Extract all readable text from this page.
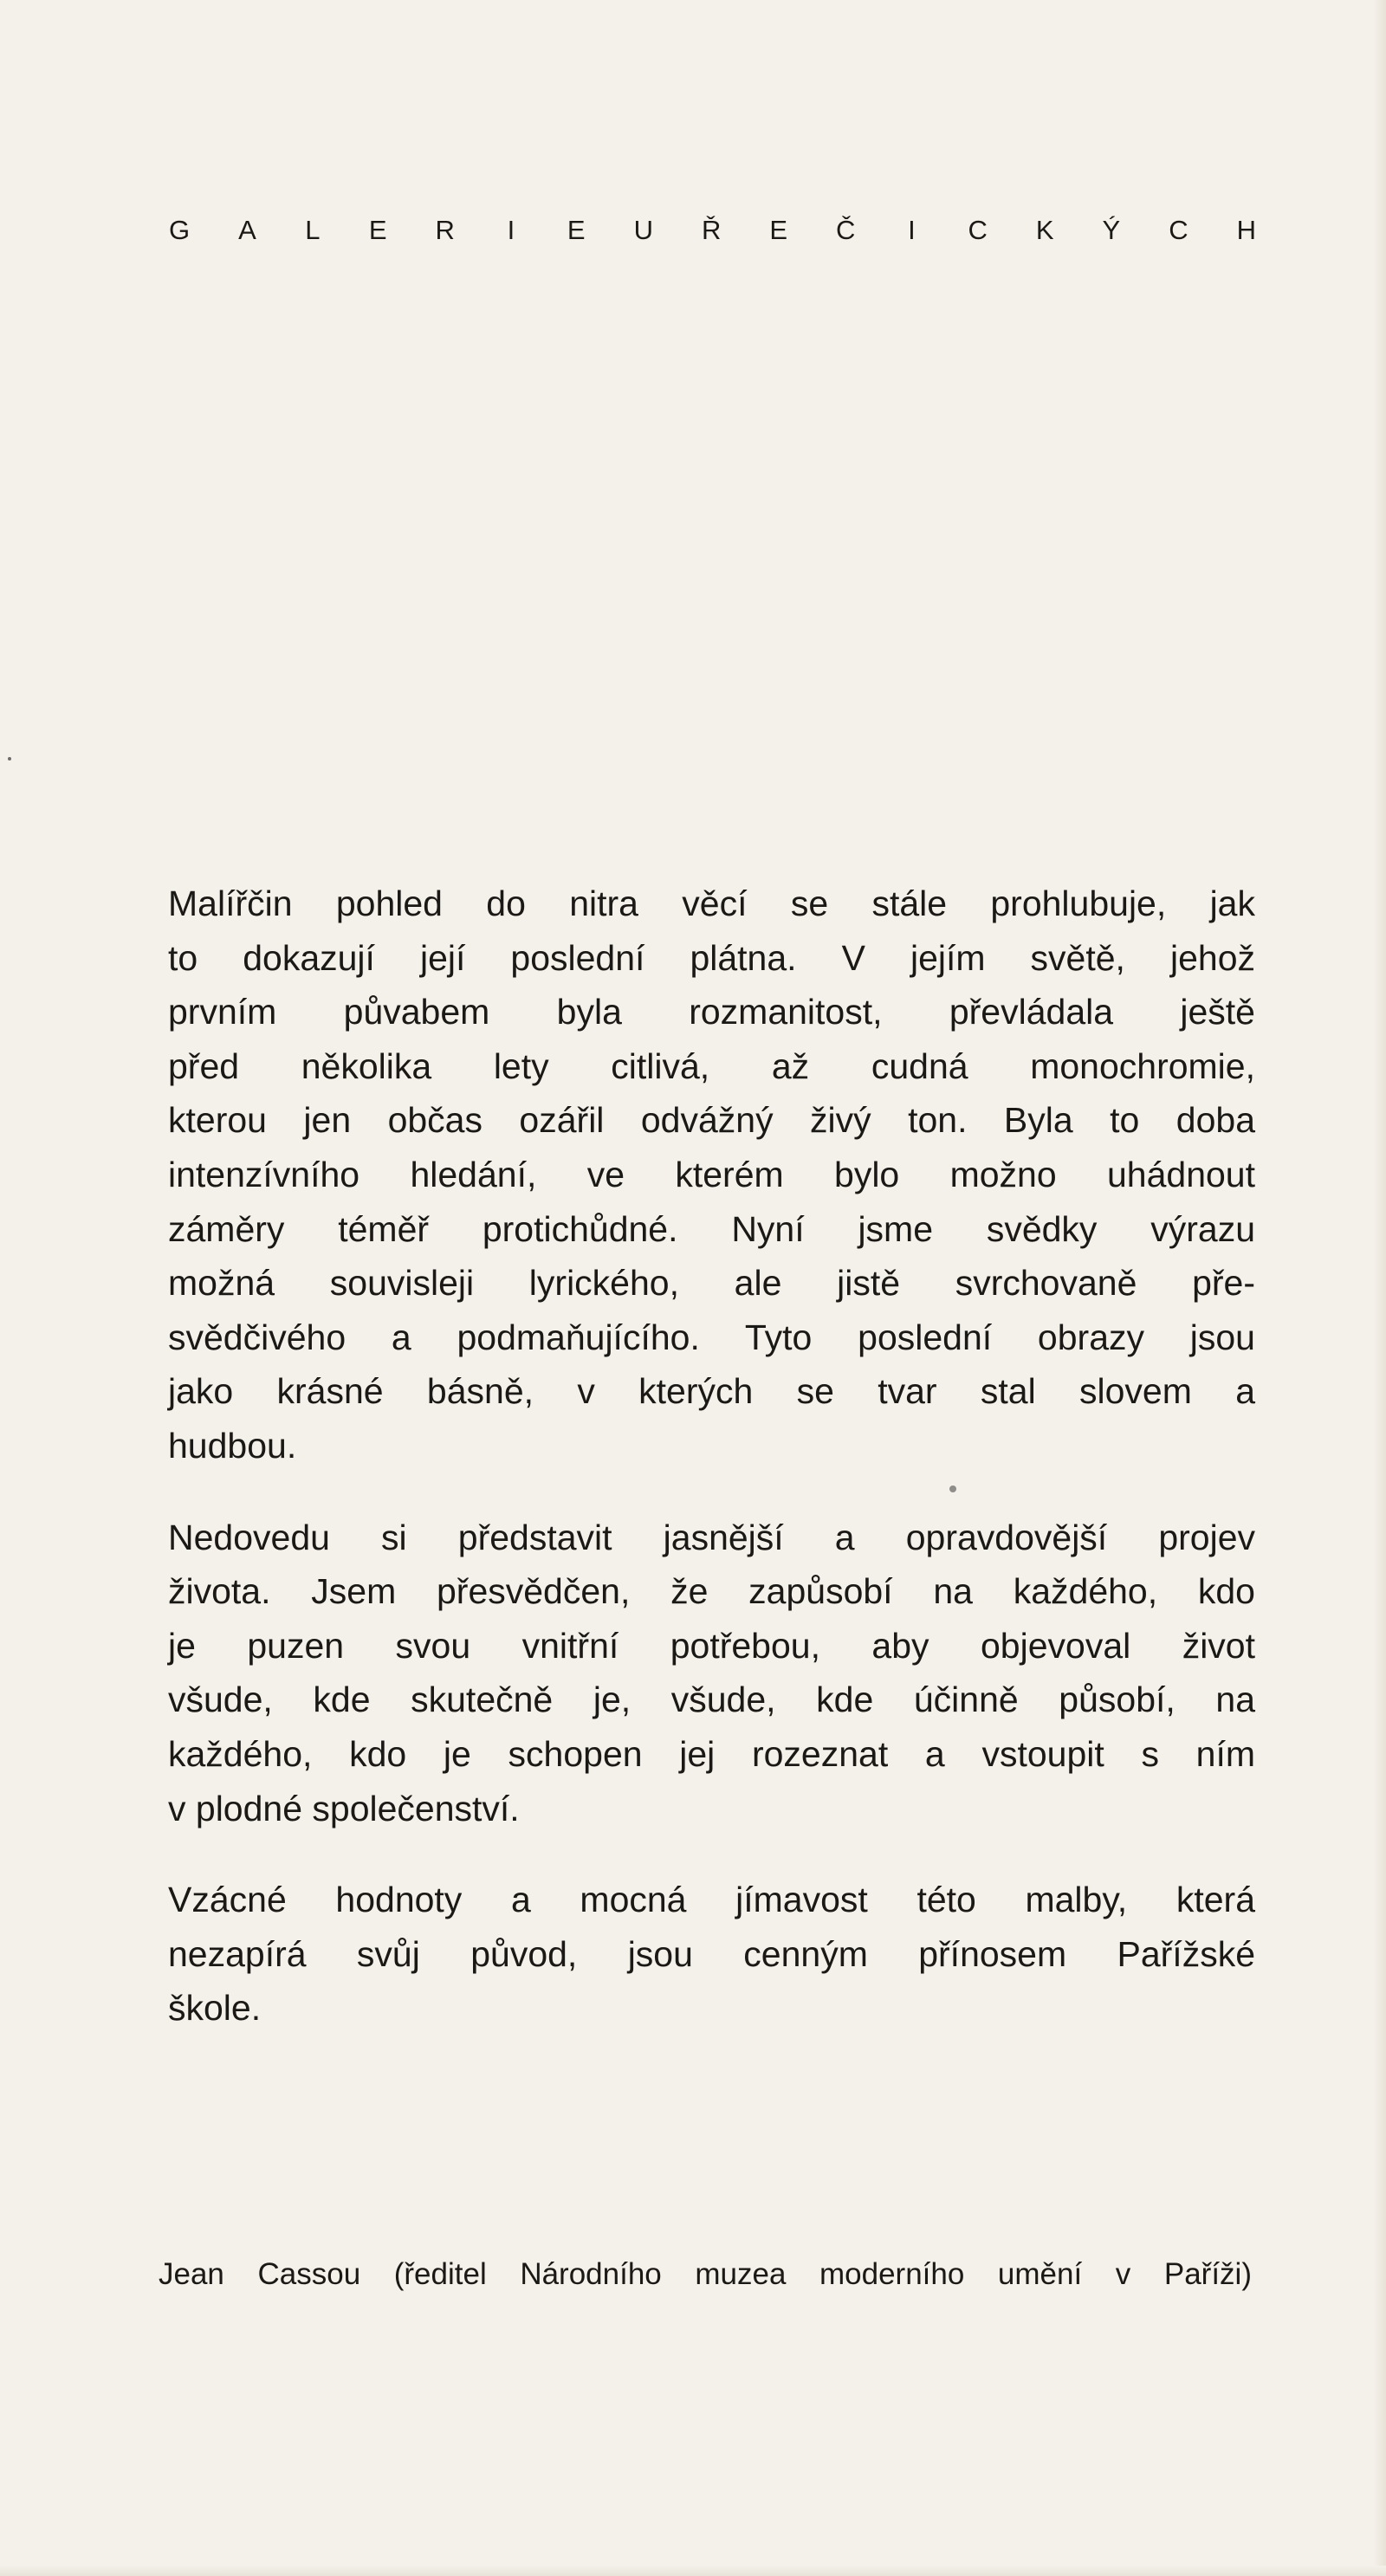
G A L E R I E U Ř E Č I C K Ý C H
Malířčin pohled do nitra věcí se stále prohlubuje, jak
to dokazují její poslední plátna. V jejím světě, jehož
prvním půvabem byla rozmanitost, převládala ještě
před několika lety citlivá, až cudná monochromie,
kterou jen občas ozářil odvážný živý ton. Byla to doba
intenzívního hledání, ve kterém bylo možno uhádnout
záměry téměř protichůdné. Nyní jsme svědky výrazu
možná souvisleji lyrického, ale jistě svrchovaně pře-
svědčivého a podmaňujícího. Tyto poslední obrazy jsou
jako krásné básně, v kterých se tvar stal slovem a
hudbou.
Nedovedu si představit jasnější a opravdovější projev
života. Jsem přesvědčen, že zapůsobí na každého, kdo
je puzen svou vnitřní potřebou, aby objevoval život
všude, kde skutečně je, všude, kde účinně působí, na
každého, kdo je schopen jej rozeznat a vstoupit s ním
v plodné společenství.
Vzácné hodnoty a mocná jímavost této malby, která
nezapírá svůj původ, jsou cenným přínosem Pařížské
škole.
Jean Cassou (ředitel Národního muzea moderního umění v Paříži)
